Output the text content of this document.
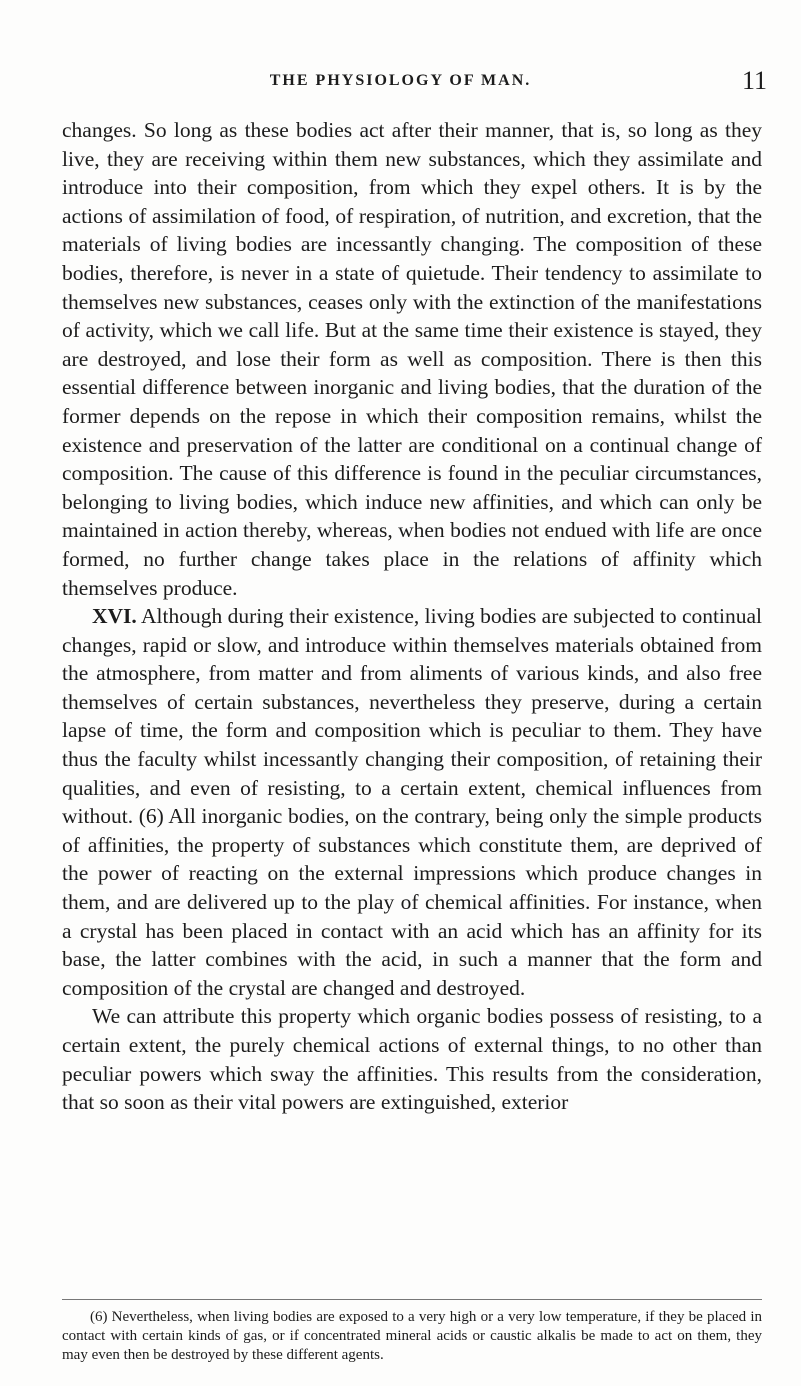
THE PHYSIOLOGY OF MAN.	11

changes. So long as these bodies act after their manner, that is, so long as they live, they are receiving within them new substances, which they assimilate and introduce into their composition, from which they expel others. It is by the actions of assimilation of food, of respiration, of nutrition, and excretion, that the materials of living bodies are incessantly changing. The composition of these bodies, therefore, is never in a state of quietude. Their tendency to assimilate to themselves new substances, ceases only with the extinction of the manifestations of activity, which we call life. But at the same time their existence is stayed, they are destroyed, and lose their form as well as composition. There is then this essential difference between inorganic and living bodies, that the duration of the former depends on the repose in which their composition remains, whilst the existence and preservation of the latter are conditional on a continual change of composition. The cause of this difference is found in the peculiar circumstances, belonging to living bodies, which induce new affinities, and which can only be maintained in action thereby, whereas, when bodies not endued with life are once formed, no further change takes place in the relations of affinity which themselves produce.

XVI. Although during their existence, living bodies are subjected to continual changes, rapid or slow, and introduce within themselves materials obtained from the atmosphere, from matter and from aliments of various kinds, and also free themselves of certain substances, nevertheless they preserve, during a certain lapse of time, the form and composition which is peculiar to them. They have thus the faculty whilst incessantly changing their composition, of retaining their qualities, and even of resisting, to a certain extent, chemical influences from without. (6) All inorganic bodies, on the contrary, being only the simple products of affinities, the property of substances which constitute them, are deprived of the power of reacting on the external impressions which produce changes in them, and are delivered up to the play of chemical affinities. For instance, when a crystal has been placed in contact with an acid which has an affinity for its base, the latter combines with the acid, in such a manner that the form and composition of the crystal are changed and destroyed.

We can attribute this property which organic bodies possess of resisting, to a certain extent, the purely chemical actions of external things, to no other than peculiar powers which sway the affinities. This results from the consideration, that so soon as their vital powers are extinguished, exterior

(6) Nevertheless, when living bodies are exposed to a very high or a very low temperature, if they be placed in contact with certain kinds of gas, or if concentrated mineral acids or caustic alkalis be made to act on them, they may even then be destroyed by these different agents.
